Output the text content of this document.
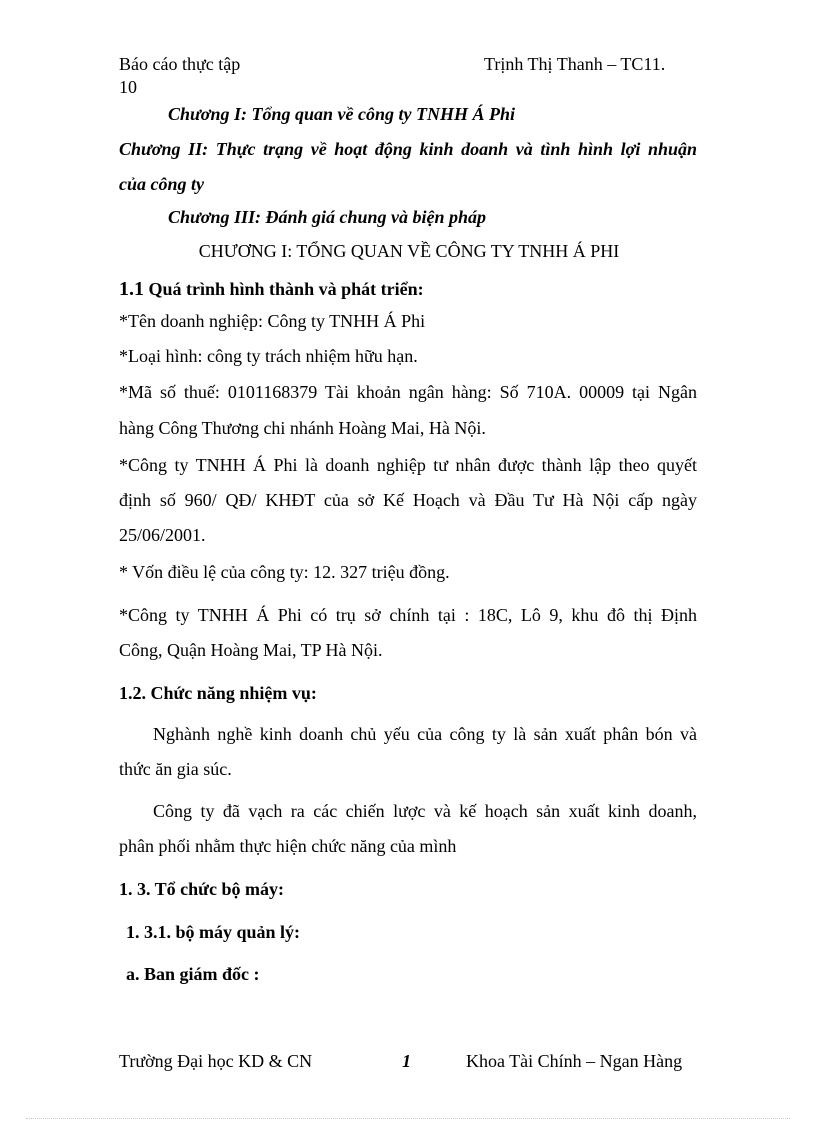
Báo cáo thực tập	Trịnh Thị Thanh – TC11.
10
Chương I: Tổng quan về công ty TNHH Á Phi
Chương II: Thực trạng về hoạt động kinh doanh và tình hình lợi nhuận
của công ty
Chương III: Đánh giá chung và biện pháp
CHƯƠNG I: TỔNG QUAN VỀ CÔNG TY TNHH Á PHI
1.1 Quá trình hình thành và phát triển:
*Tên doanh nghiệp: Công ty TNHH Á Phi
*Loại hình: công ty trách nhiệm hữu hạn.
*Mã số thuế: 0101168379 Tài khoản ngân hàng: Số 710A. 00009 tại Ngân
hàng Công Thương chi nhánh Hoàng Mai, Hà Nội.
*Công ty TNHH Á Phi là doanh nghiệp tư nhân được thành lập theo quyết
định số 960/ QĐ/ KHĐT của sở Kế Hoạch và Đầu Tư Hà Nội cấp ngày
25/06/2001.
* Vốn điều lệ của công ty: 12. 327 triệu đồng.
*Công ty TNHH Á Phi có trụ sở chính tại : 18C, Lô 9, khu đô thị Định
Công, Quận Hoàng Mai, TP Hà Nội.
1.2. Chức năng nhiệm vụ:
Nghành nghề kinh doanh chủ yếu của công ty là sản xuất phân bón và
thức ăn gia súc.
Công ty đã vạch ra các chiến lược và kế hoạch sản xuất kinh doanh,
phân phối nhằm thực hiện chức năng của mình
1. 3. Tổ chức bộ máy:
1. 3.1. bộ máy quản lý:
a. Ban giám đốc :
Trường Đại học KD & CN	1	Khoa Tài Chính – Ngan Hàng
